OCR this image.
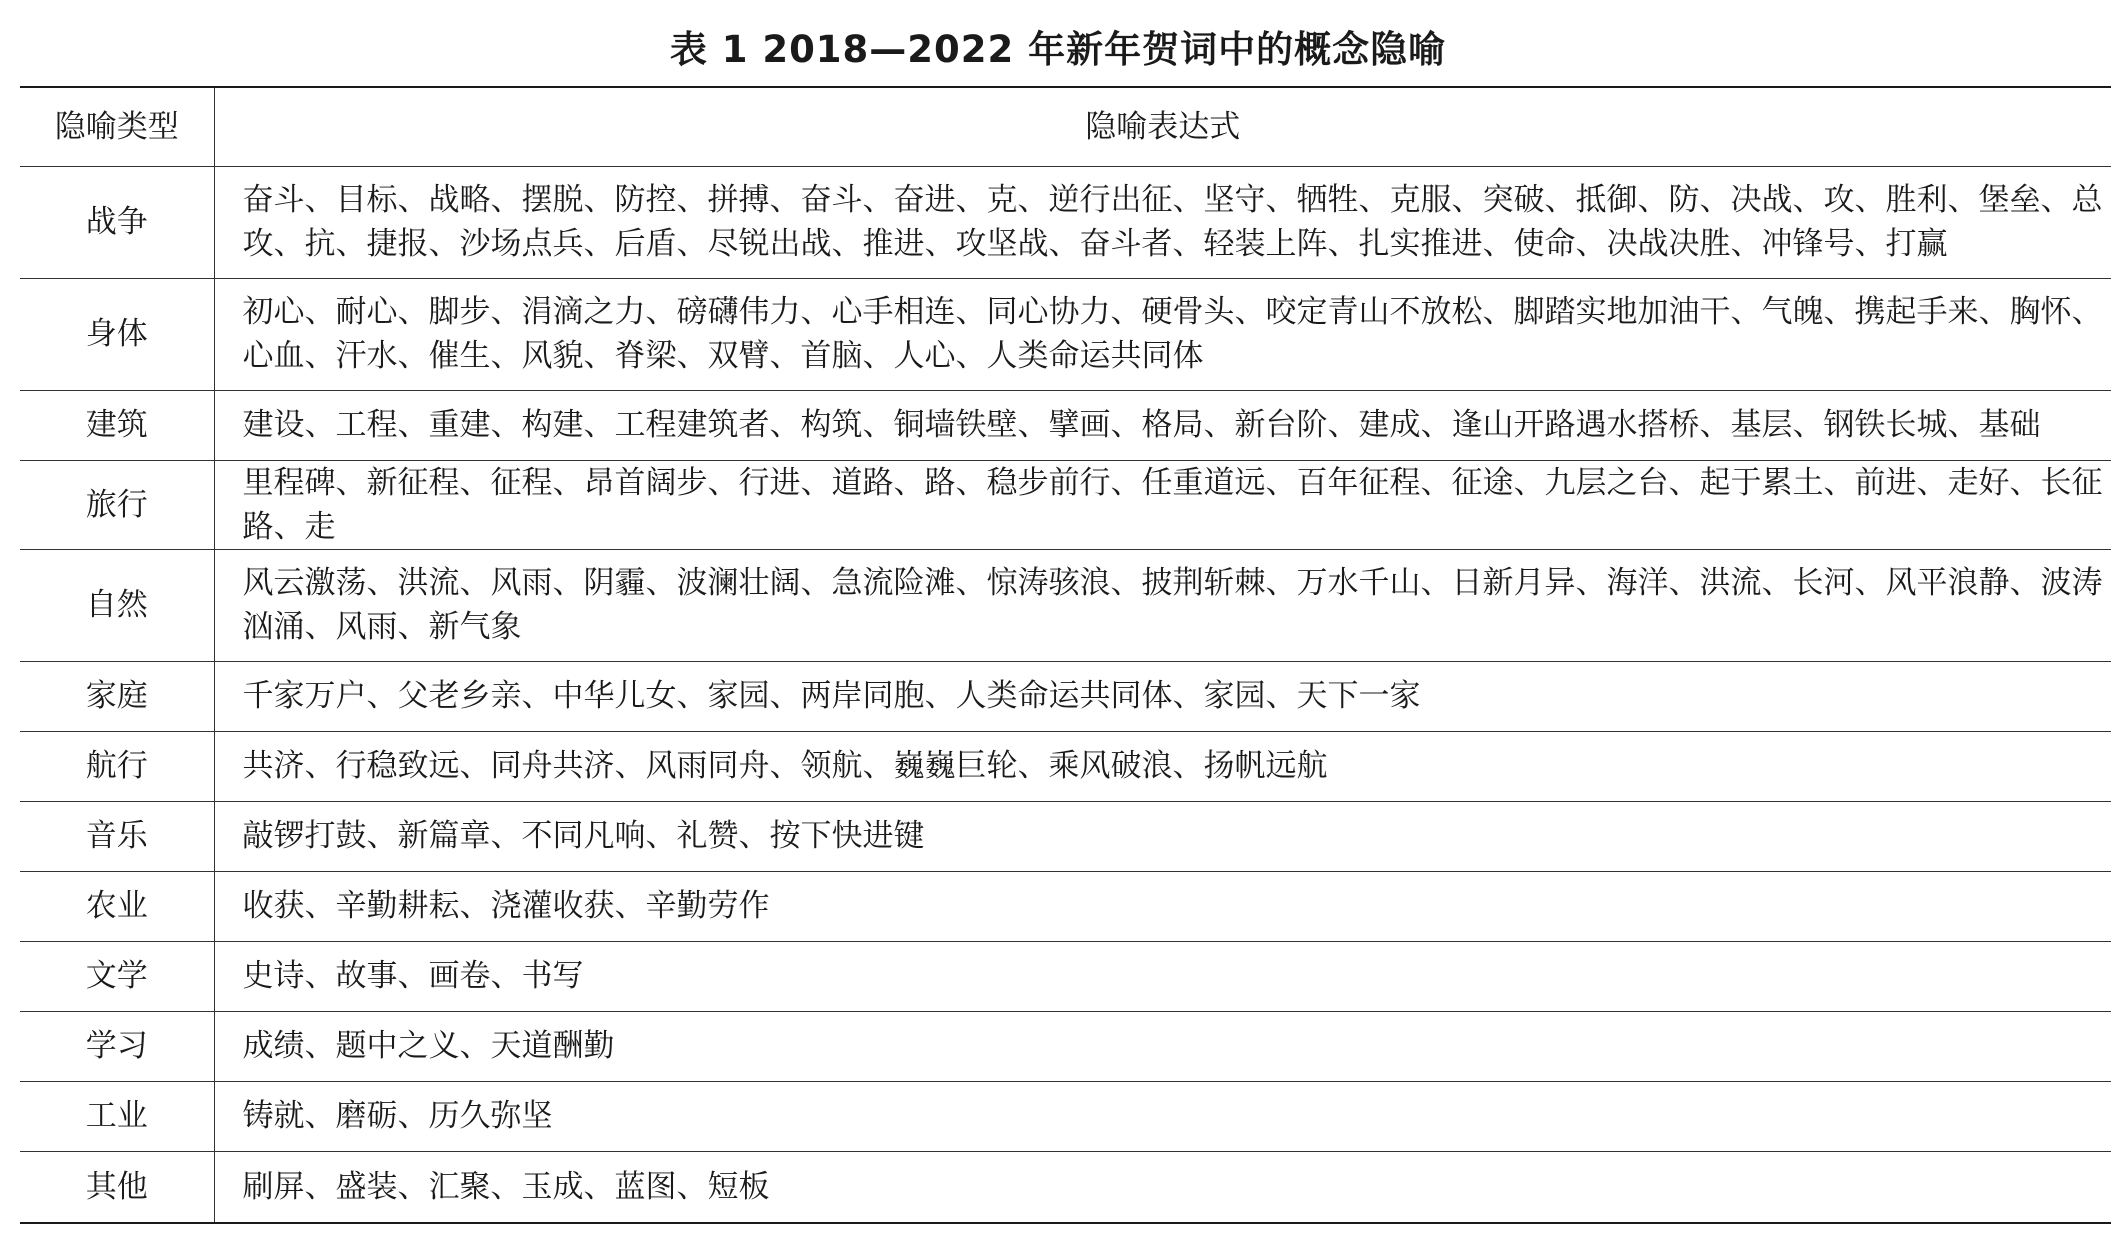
表 1 2018—2022 年新年贺词中的概念隐喻
隐喻类型	隐喻表达式
战争	奋斗、目标、战略、摆脱、防控、拼搏、奋斗、奋进、克、逆行出征、坚守、牺牲、克服、突破、抵御、防、决战、攻、胜利、堡垒、总攻、抗、捷报、沙场点兵、后盾、尽锐出战、推进、攻坚战、奋斗者、轻装上阵、扎实推进、使命、决战决胜、冲锋号、打赢
身体	初心、耐心、脚步、涓滴之力、磅礴伟力、心手相连、同心协力、硬骨头、咬定青山不放松、脚踏实地加油干、气魄、携起手来、胸怀、心血、汗水、催生、风貌、脊梁、双臂、首脑、人心、人类命运共同体
建筑	建设、工程、重建、构建、工程建筑者、构筑、铜墙铁壁、擘画、格局、新台阶、建成、逢山开路遇水搭桥、基层、钢铁长城、基础
旅行	里程碑、新征程、征程、昂首阔步、行进、道路、路、稳步前行、任重道远、百年征程、征途、九层之台、起于累土、前进、走好、长征路、走
自然	风云激荡、洪流、风雨、阴霾、波澜壮阔、急流险滩、惊涛骇浪、披荆斩棘、万水千山、日新月异、海洋、洪流、长河、风平浪静、波涛汹涌、风雨、新气象
家庭	千家万户、父老乡亲、中华儿女、家园、两岸同胞、人类命运共同体、家园、天下一家
航行	共济、行稳致远、同舟共济、风雨同舟、领航、巍巍巨轮、乘风破浪、扬帆远航
音乐	敲锣打鼓、新篇章、不同凡响、礼赞、按下快进键
农业	收获、辛勤耕耘、浇灌收获、辛勤劳作
文学	史诗、故事、画卷、书写
学习	成绩、题中之义、天道酬勤
工业	铸就、磨砺、历久弥坚
其他	刷屏、盛装、汇聚、玉成、蓝图、短板
